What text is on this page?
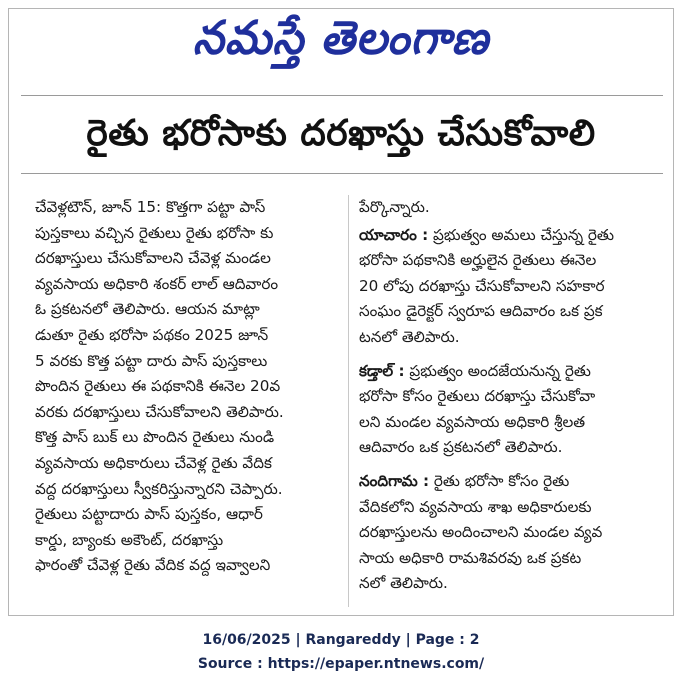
నమస్తే తెలంగాణ
రైతు భరోసాకు దరఖాస్తు చేసుకోవాలి
చేవెళ్లటౌన్, జూన్ 15: కొత్తగా పట్టా పాస్
పుస్తకాలు వచ్చిన రైతులు రైతు భరోసా కు
దరఖాస్తులు చేసుకోవాలని చేవెళ్ల మండల
వ్యవసాయ అధికారి శంకర్ లాల్ ఆదివారం
ఓ ప్రకటనలో తెలిపారు. ఆయన మాట్లా
డుతూ రైతు భరోసా పథకం 2025 జూన్
5 వరకు కొత్త పట్టా దారు పాస్ పుస్తకాలు
పొందిన రైతులు ఈ పథకానికి ఈనెల 20వ
వరకు దరఖాస్తులు చేసుకోవాలని తెలిపారు.
కొత్త పాస్ బుక్ లు పొందిన రైతులు నుండి
వ్యవసాయ అధికారులు చేవెళ్ల రైతు వేదిక
వద్ద దరఖాస్తులు స్వీకరిస్తున్నారని చెప్పారు.
రైతులు పట్టాదారు పాస్ పుస్తకం, ఆధార్
కార్డు, బ్యాంకు అకౌంట్, దరఖాస్తు
ఫారంతో చేవెళ్ల రైతు వేదిక వద్ద ఇవ్వాలని
పేర్కొన్నారు.
యాచారం : ప్రభుత్వం అమలు చేస్తున్న రైతు
భరోసా పథకానికి అర్హులైన రైతులు ఈనెల
20 లోపు దరఖాస్తు చేసుకోవాలని సహకార
సంఘం డైరెక్టర్ స్వరూప ఆదివారం ఒక ప్రక
టనలో తెలిపారు.
కడ్తాల్ : ప్రభుత్వం అందజేయనున్న రైతు
భరోసా కోసం రైతులు దరఖాస్తు చేసుకోవా
లని మండల వ్యవసాయ అధికారి శ్రీలత
ఆదివారం ఒక ప్రకటనలో తెలిపారు.
నందిగామ : రైతు భరోసా కోసం రైతు
వేదికలోని వ్యవసాయ శాఖ అధికారులకు
దరఖాస్తులను అందించాలని మండల వ్యవ
సాయ అధికారి రామశివరవు ఒక ప్రకట
నలో తెలిపారు.
16/06/2025 | Rangareddy | Page : 2
Source : https://epaper.ntnews.com/
